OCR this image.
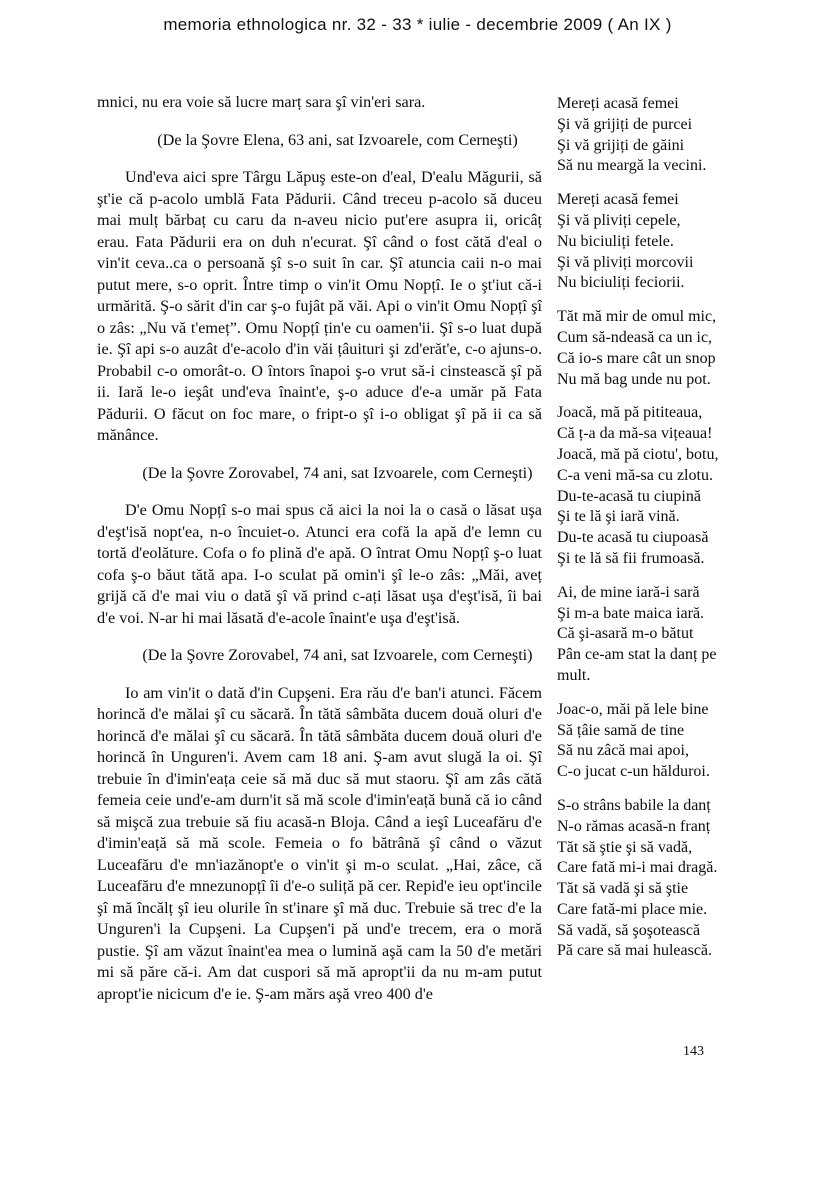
memoria ethnologica nr. 32 - 33 * iulie - decembrie 2009 ( An IX )

mnici, nu era voie să lucre marț sara şî vin'eri sara.

(De la Şovre Elena, 63 ani, sat Izvoarele, com Cerneşti)

Und'eva aici spre Târgu Lăpuş este-on d'eal, D'ealu Măgurii, să şt'ie că p-acolo umblă Fata Pădurii. Când treceu p-acolo să duceu mai mulț bărbaț cu caru da n-aveu nicio put'ere asupra ii, oricâț erau. Fata Pădurii era on duh n'ecurat. Şî când o fost cătă d'eal o vin'it ceva..ca o persoană şî s-o suit în car. Şî atuncia caii n-o mai putut mere, s-o oprit. Între timp o vin'it Omu Nopțî. Ie o şt'iut că-i urmărită. Ş-o sărit d'in car ş-o fujât pă văi. Api o vin'it Omu Nopțî şî o zâs: „Nu vă t'emeț”. Omu Nopțî țin'e cu oamen'ii. Şî s-o luat după ie. Şî api s-o auzât d'e-acolo d'in văi țâuituri şi zd'erăt'e, c-o ajuns-o. Probabil c-o omorât-o. O întors înapoi ş-o vrut să-i cinstească şî pă ii. Iară le-o ieşât und'eva înaint'e, ş-o aduce d'e-a umăr pă Fata Pădurii. O făcut on foc mare, o fript-o şî i-o obligat şî pă ii ca să mănânce.

(De la Şovre Zorovabel, 74 ani, sat Izvoarele, com Cerneşti)

D'e Omu Nopțî s-o mai spus că aici la noi la o casă o lăsat uşa d'eşt'isă nopt'ea, n-o încuiet-o. Atunci era cofă la apă d'e lemn cu tortă d'eolăture. Cofa o fo plină d'e apă. O întrat Omu Nopțî ş-o luat cofa ş-o băut tătă apa. I-o sculat pă omin'i şî le-o zâs: „Măi, aveț grijă că d'e mai viu o dată şî vă prind c-ați lăsat uşa d'eşt'isă, îi bai d'e voi. N-ar hi mai lăsată d'e-acole înaint'e uşa d'eşt'isă.

(De la Şovre Zorovabel, 74 ani, sat Izvoarele, com Cerneşti)

Io am vin'it o dată d'in Cupşeni. Era rău d'e ban'i atunci. Făcem horincă d'e mălai şî cu săcară. În tătă sâmbăta ducem două oluri d'e horincă d'e mălai şî cu săcară. În tătă sâmbăta ducem două oluri d'e horincă în Unguren'i. Avem cam 18 ani. Ş-am avut slugă la oi. Şî trebuie în d'imin'eața ceie să mă duc să mut staoru. Şî am zâs cătă femeia ceie und'e-am durn'it să mă scole d'imin'eață bună că io când să mişcă zua trebuie să fiu acasă-n Bloja. Când a ieşî Luceafăru d'e d'imin'eață să mă scole. Femeia o fo bătrână şî când o văzut Luceafăru d'e mn'iazănopt'e o vin'it şi m-o sculat. „Hai, zâce, că Luceafăru d'e mnezunopțî îi d'e-o suliță pă cer. Repid'e ieu opt'incile şî mă încălț şî ieu olurile în st'inare şî mă duc. Trebuie să trec d'e la Unguren'i la Cupşeni. La Cupşen'i pă und'e trecem, era o moră pustie. Şî am văzut înaint'ea mea o lumină aşă cam la 50 d'e metări mi să păre că-i. Am dat cuspori să mă apropt'ii da nu m-am putut apropt'ie nicicum d'e ie. Ş-am mărs aşă vreo 400 d'e

Mereți acasă femei
Şi vă grijiți de purcei
Şi vă grijiți de găini
Să nu meargă la vecini.
Mereți acasă femei
Şi vă pliviți cepele,
Nu biciuliți fetele.
Şi vă pliviți morcovii
Nu biciuliți feciorii.
Tăt mă mir de omul mic,
Cum să-ndeasă ca un ic,
Că io-s mare cât un snop
Nu mă bag unde nu pot.
Joacă, mă pă pititeaua,
Că ț-a da mă-sa vițeaua!
Joacă, mă pă ciotu', botu,
C-a veni mă-sa cu zlotu.
Du-te-acasă tu ciupină
Şi te lă şi iară vină.
Du-te acasă tu ciupoasă
Şi te lă să fii frumoasă.
Ai, de mine iară-i sară
Şi m-a bate maica iară.
Că şi-asară m-o bătut
Pân ce-am stat la danț pe
mult.
Joac-o, măi pă lele bine
Să țâie samă de tine
Să nu zâcă mai apoi,
C-o jucat c-un hălduroi.
S-o strâns babile la danț
N-o rămas acasă-n franț
Tăt să ştie şi să vadă,
Care fată mi-i mai dragă.
Tăt să vadă şi să ştie
Care fată-mi place mie.
Să vadă, să şoşotească
Pă care să mai hulească.
143
